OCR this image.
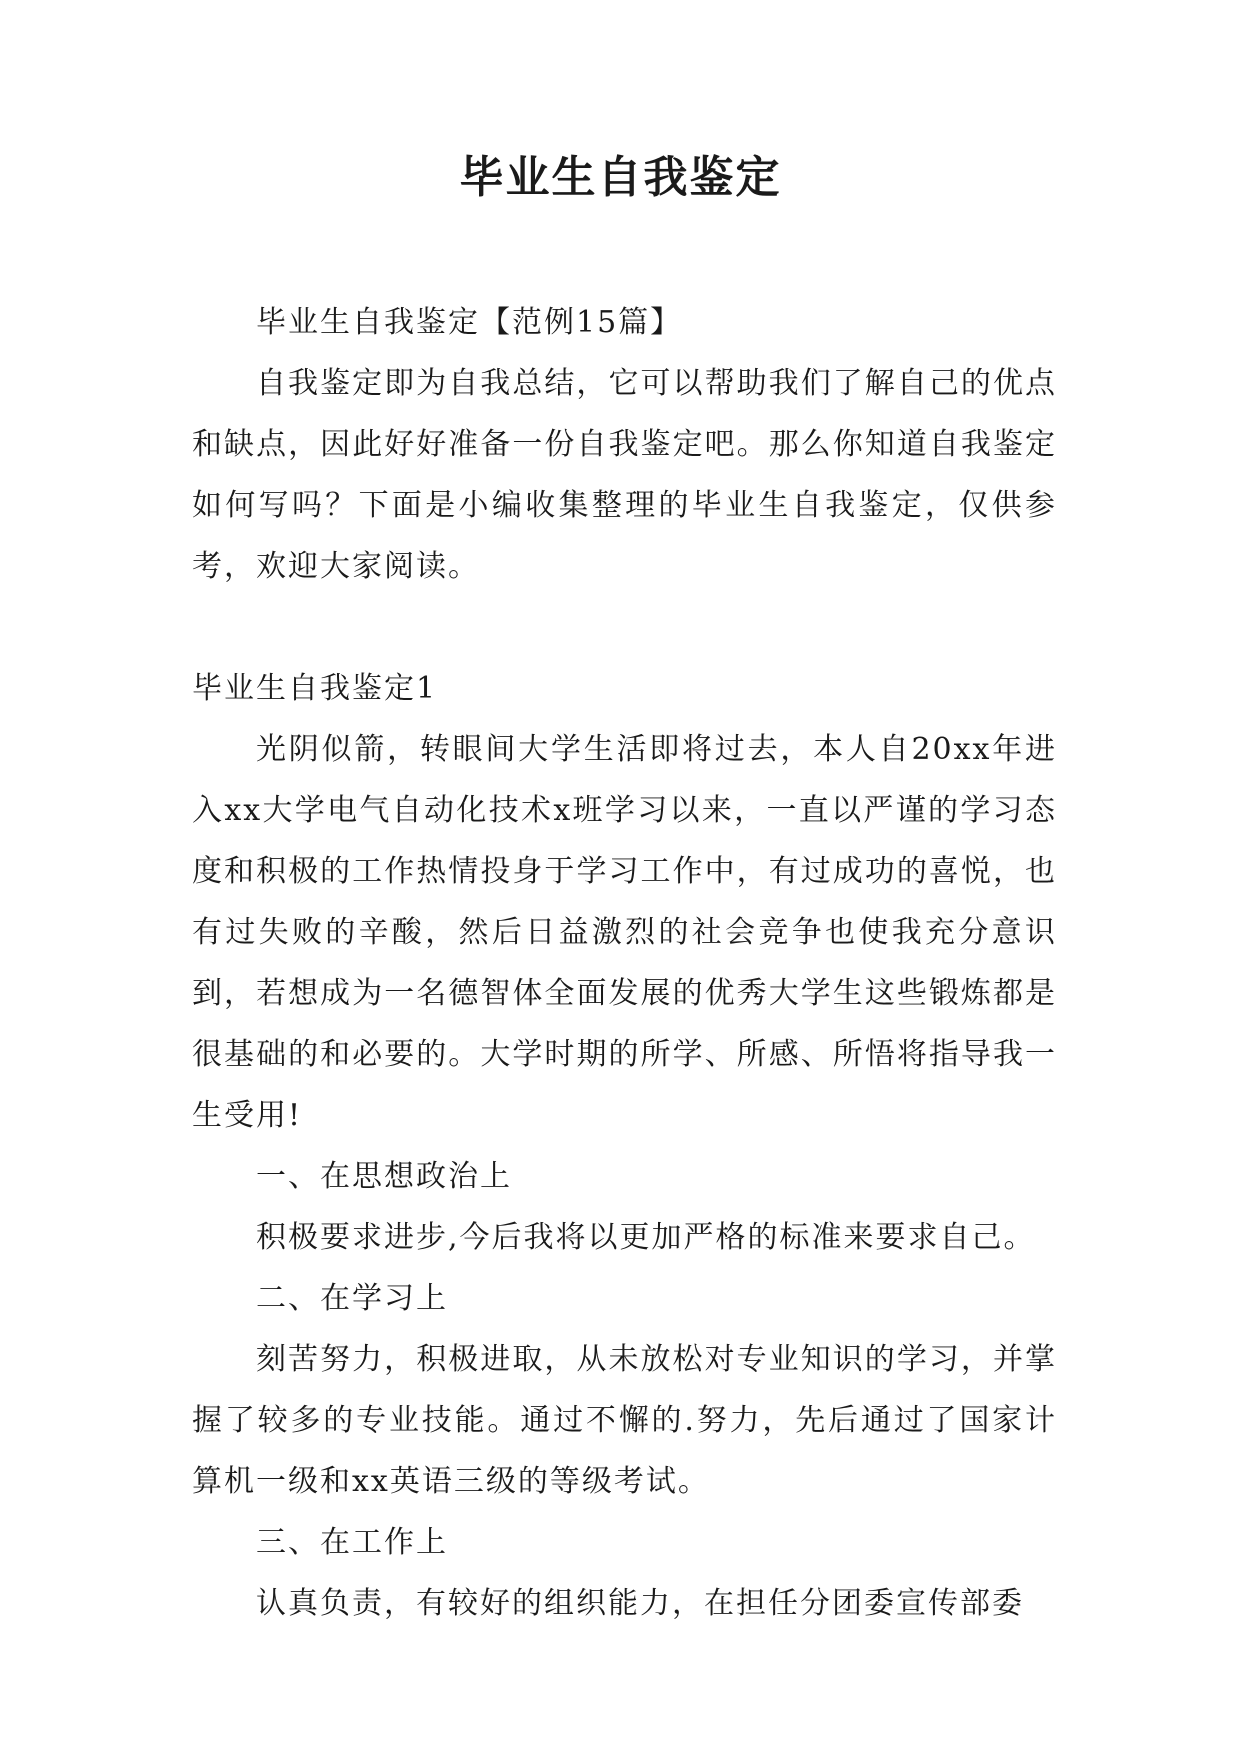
毕业生自我鉴定

毕业生自我鉴定【范例15篇】

自我鉴定即为自我总结，它可以帮助我们了解自己的优点和缺点，因此好好准备一份自我鉴定吧。那么你知道自我鉴定如何写吗？下面是小编收集整理的毕业生自我鉴定，仅供参考，欢迎大家阅读。

毕业生自我鉴定1

光阴似箭，转眼间大学生活即将过去，本人自20xx年进入xx大学电气自动化技术x班学习以来，一直以严谨的学习态度和积极的工作热情投身于学习工作中，有过成功的喜悦，也有过失败的辛酸，然后日益激烈的社会竞争也使我充分意识到，若想成为一名德智体全面发展的优秀大学生这些锻炼都是很基础的和必要的。大学时期的所学、所感、所悟将指导我一生受用!

一、在思想政治上

积极要求进步,今后我将以更加严格的标准来要求自己。

二、在学习上

刻苦努力，积极进取，从未放松对专业知识的学习，并掌握了较多的专业技能。通过不懈的.努力，先后通过了国家计算机一级和xx英语三级的等级考试。

三、在工作上

认真负责，有较好的组织能力，在担任分团委宣传部委
